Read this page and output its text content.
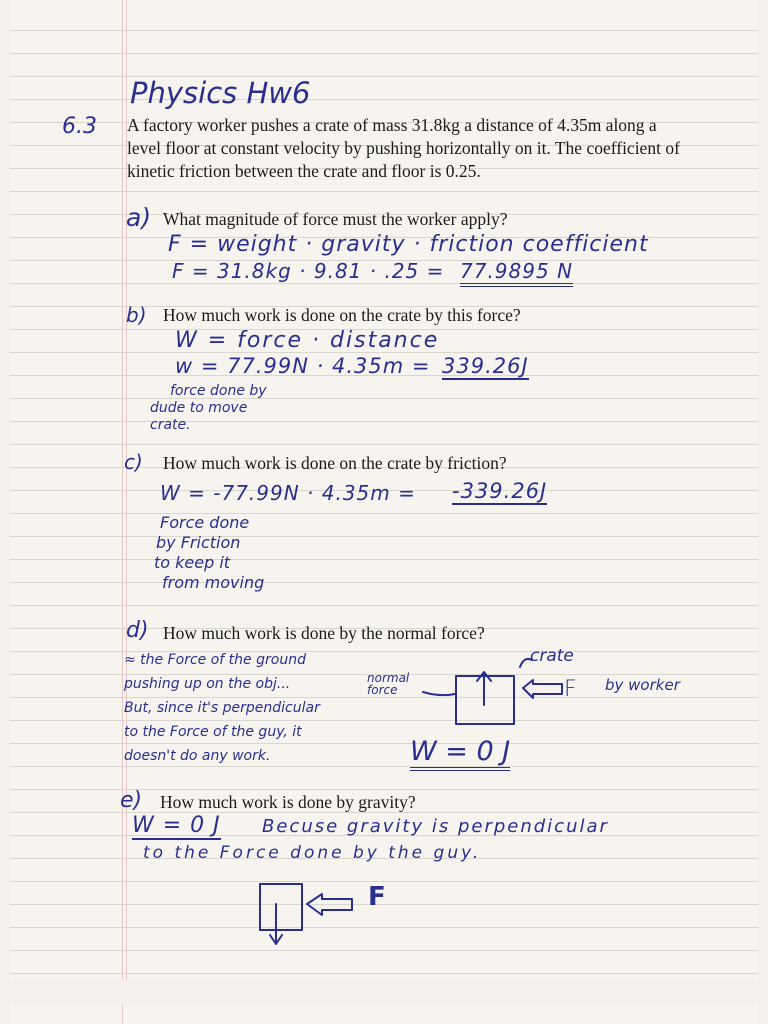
Physics Hw6
6.3 A factory worker pushes a crate of mass 31.8kg a distance of 4.35m along a
level floor at constant velocity by pushing horizontally on it. The coefficient of
kinetic friction between the crate and floor is 0.25.
a) What magnitude of force must the worker apply?
F = weight · gravity · friction coefficient
F = 31.8kg · 9.81 · .25 = 77.9895 N
b) How much work is done on the crate by this force?
W = force · distance
w = 77.99N · 4.35m = 339.26J
force done by
dude to move
crate.
c) How much work is done on the crate by friction?
W = -77.99N · 4.35m = -339.26J
Force done
by Friction
to keep it
from moving
d) How much work is done by the normal force?
≈ the Force of the ground
pushing up on the obj...
But, since it's perpendicular
to the Force of the guy, it
doesn't do any work.
crate
normal force	F by worker
W = 0 J
e) How much work is done by gravity?
W = 0 J Becuse gravity is perpendicular
to the Force done by the guy.
F
